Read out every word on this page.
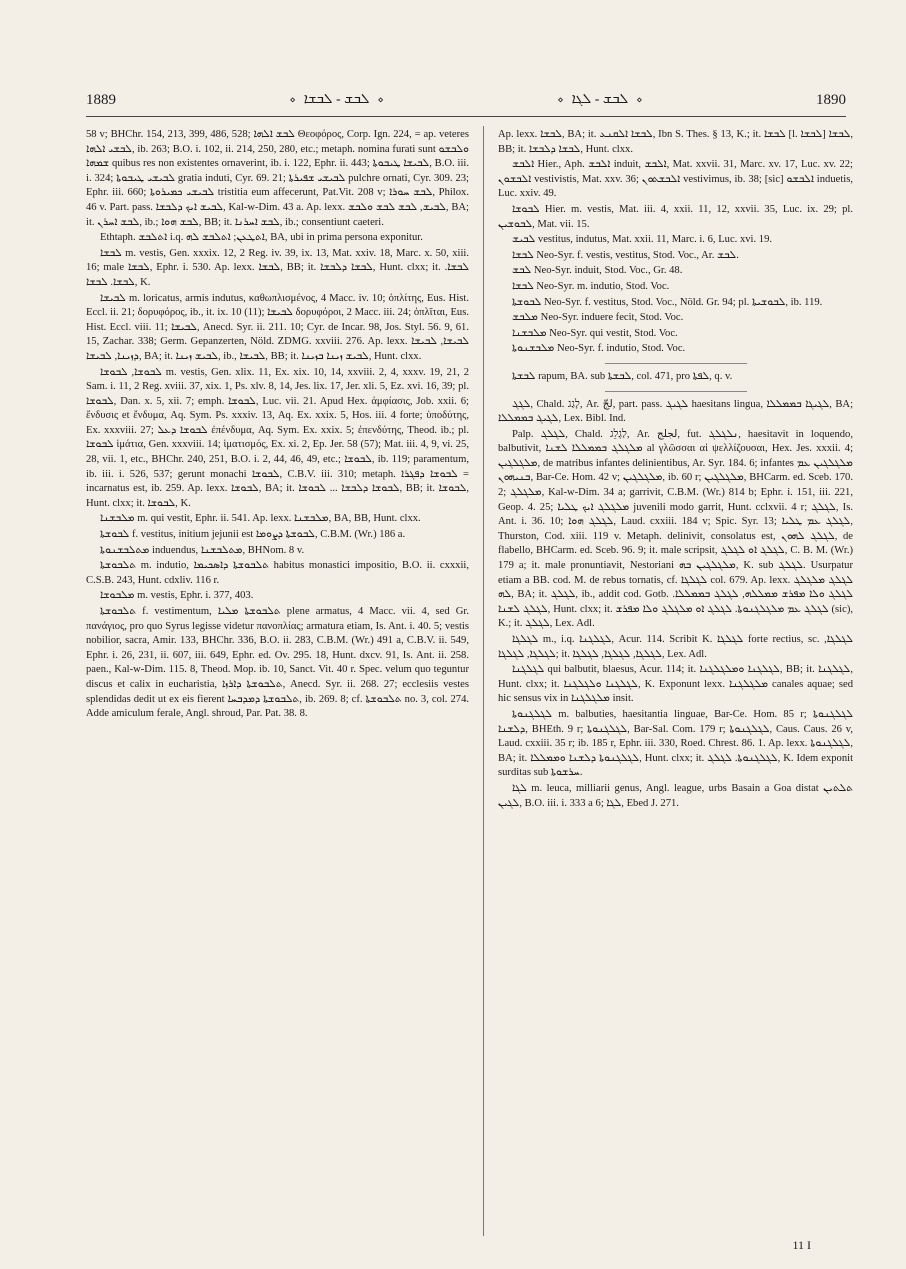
1889	⋄ ܠܒܫ - ܠܒܫܐ ⋄	⋄ ܠܒܫ - ܠܓܐ ⋄	1890

58 v; BHChr. 154, 213, 399, 486, 528; ܠܒܫ ܐܠܗܐ Θεοφόρος, Corp. Ign. 224, = ap. veteres ܠܒܫܝ ܐܠܗܐ, ib. 263; B.O. i. 102, ii. 214, 250, 280, etc.; metaph. nomina furati sunt ܘܠܒܫܘ ܫܡܗܐ quibus res non existentes ornaverint, ib. i. 122, Ephr. ii. 443; ܠܒܝܫܐ ܛܝܒܘܬܐ, B.O. iii. i. 324; ܠܒܝܫܝ ܛܝܒܘܬܐ gratia induti, Cyr. 69. 21; ܠܒܝܫܝ ܫܦܝܪܬܐ pulchre ornati, Cyr. 309. 23; Ephr. iii. 660; ܠܒܝܫܝ ܟܡܝܪܘܬܐ tristitia eum affecerunt, Pat.Vit. 208 v; ܠܒܫ ܚܘܪܐ, Philox. 46 v. Part. pass. ܠܒܝܫ ܐܝܟ ܕܠܒܫܐ, Kal-w-Dim. 43 a. Ap. lexx. ܠܒܝܫ, ܠܒܫ ܠܒܫ ܘܠܒܫ, BA; it. ܠܒܫ ܐܚܪܢ, ib.; ܠܒܫ ܗܘܐ, BB; it. ܠܒܫ ܐܚܪܢܐ, ib.; consentiunt caeteri.

Ethtaph. ܐܬܠܒܫ i.q. ܐܬܛܥܢ; ܐܬܠܒܫ ܠܗ, BA, ubi in prima persona exponitur.

ܠܒܫܐ m. vestis, Gen. xxxix. 12, 2 Reg. iv. 39, ix. 13, Mat. xxiv. 18, Marc. x. 50, xiii. 16; male ܠܒܫܐ, Ephr. i. 530. Ap. lexx. ܠܒܫܐ, BB; it. ܠܒܫܐ ܕܠܒܫܐ, Hunt. clxx; it. ܠܒܫܐ. ܠܒܫܐ. ܠܒܫܐ, K.

ܠܒܝܫܐ m. loricatus, armis indutus, καθωπλισμένος, 4 Macc. iv. 10; ὁπλίτης, Eus. Hist. Eccl. ii. 21; δορυφόρος, ib., it. ix. 10 (11); ܠܒܝܫܐ δορυφόροι, 2 Macc. iii. 24; ὁπλῖται, Eus. Hist. Eccl. viii. 11; ܠܒܝܫܐ, Anecd. Syr. ii. 211. 10; Cyr. de Incar. 98, Jos. Styl. 56. 9, 61. 15, Zachar. 338; Germ. Gepanzerten, Nöld. ZDMG. xxviii. 276. Ap. lexx. ܠܒܝܫܐ, ܠܒܝܫܐ ܕܙܝܢܐ, ܠܒܝܫܐ, BA; it. ܠܒܝܫ ܙܝܢܐ, ib., ܠܒܝܫܐ, BB; it. ܠܒܝܫ ܙܝܢܐ ܒܙܝܢܐ, Hunt. clxx.

ܠܒܘܫܐ, ܠܒܘܫܐ m. vestis, Gen. xlix. 11, Ex. xix. 10, 14, xxviii. 2, 4, xxxv. 19, 21, 2 Sam. i. 11, 2 Reg. xviii. 37, xix. 1, Ps. xlv. 8, 14, Jes. lix. 17, Jer. xli. 5, Ez. xvi. 16, 39; pl. ܠܒܘܫܐ, Dan. x. 5, xii. 7; emph. ܠܒܘܫܐ, Luc. vii. 21. Apud Hex. ἀμφίασις, Job. xxii. 6; ἔνδυσις et ἔνδυμα, Aq. Sym. Ps. xxxiv. 13, Aq. Ex. xxix. 5, Hos. iii. 4 forte; ὑποδύτης, Ex. xxxviii. 27; ܠܒܘܫܐ ܕܥܠ ἐπένδυμα, Aq. Sym. Ex. xxix. 5; ἐπενδύτης, Theod. ib.; pl. ܠܒܘܫܐ ἱμάτια, Gen. xxxviii. 14; ἱματισμός, Ex. xi. 2, Ep. Jer. 58 (57); Mat. iii. 4, 9, vi. 25, 28, vii. 1, etc., BHChr. 240, 251, B.O. i. 2, 44, 46, 49, etc.; ܠܒܘܫܐ, ib. 119; paramentum, ib. iii. i. 526, 537; gerunt monachi ܠܒܘܫܐ, C.B.V. iii. 310; metaph. ܠܒܘܫܐ ܕܦܓܪܐ = incarnatus est, ib. 259. Ap. lexx. ܠܒܘܫܐ, BA; it. ܠܒܘܫܐ ܕܠܒܫܐ ... ܠܒܘܫܐ, BB; it. ܠܒܘܫܐ, Hunt. clxx; it. ܠܒܘܫܐ, K.

ܡܠܒܫܢܐ m. qui vestit, Ephr. ii. 541. Ap. lexx. ܡܠܒܫܢܐ, BA, BB, Hunt. clxx.

ܠܒܘܫܬܐ f. vestitus, initium jejunii est ܠܒܘܫܬܐ ܕܨܘܡܐ, C.B.M. (Wr.) 186 a.

ܡܬܠܒܫܢܘܬܐ induendus, ܡܬܠܒܫܢܐ, BHNom. 8 v.

ܬܠܒܘܫܬܐ m. indutio, ܬܠܒܘܫܬܐ ܕܐܣܟܝܡܐ habitus monastici impositio, B.O. ii. cxxxii, C.S.B. 243, Hunt. cdxliv. 116 r.

ܡܠܒܘܫܐ m. vestis, Ephr. i. 377, 403.

ܬܠܒܘܫܬܐ f. vestimentum, ܬܠܒܘܫܬܐ ܡܠܝܐ plene armatus, 4 Macc. vii. 4, sed Gr. πανάγιος, pro quo Syrus legisse videtur πανοπλίας; armatura etiam, Is. Ant. i. 40. 5; vestis nobilior, sacra, Amir. 133, BHChr. 336, B.O. ii. 283, C.B.M. (Wr.) 491 a, C.B.V. ii. 549, Ephr. i. 26, 231, ii. 607, iii. 649, Ephr. ed. Ov. 295. 18, Hunt. dxcv. 91, Is. Ant. ii. 258. paen., Kal-w-Dim. 115. 8, Theod. Mop. ib. 10, Sanct. Vit. 40 r. Spec. velum quo teguntur discus et calix in eucharistia, ܬܠܒܘܫܬܐ ܕܐܪܙܐ, Anecd. Syr. ii. 268. 27; ecclesiis vestes splendidas dedit ut ex eis fierent ܬܠܒܘܫܬܐ ܕܡܕܒܚܐ, ib. 269. 8; cf. ܬܠܒܘܫܬܐ no. 3, col. 274. Adde amiculum ferale, Angl. shroud, Par. Pat. 38. 8.

Ap. lexx. ܠܒܫܐ, BA; it. ܠܒܫܐ ܐܠܩܢܥ, Ibn S. Thes. § 13, K.; it. ܠܒܫܐ [l. ܠܒܫܐ] ܠܒܫܐ, BB; it. ܠܒܫܐ ܕܠܒܫܐ, Hunt. clxx.

ܐܠܒܫ Hier., Aph. ܐܠܒܫ induit, ܐܠܒܫ, Mat. xxvii. 31, Marc. xv. 17, Luc. xv. 22; ܐܠܒܫܘܢ vestivistis, Mat. xxv. 36; ܐܠܒܫܬܘܢ vestivimus, ib. 38; [sic] ܐܠܒܫܘ induetis, Luc. xxiv. 49.

ܠܒܘܫܐ Hier. m. vestis, Mat. iii. 4, xxii. 11, 12, xxvii. 35, Luc. ix. 29; pl. ܠܒܘܫܝܢ, Mat. vii. 15.

ܠܒܝܫ vestitus, indutus, Mat. xxii. 11, Marc. i. 6, Luc. xvi. 19.

ܠܒܫܐ Neo-Syr. f. vestis, vestitus, Stod. Voc., Ar. ܠܒܫ.

ܠܒܫ Neo-Syr. induit, Stod. Voc., Gr. 48.

ܠܒܫܐ Neo-Syr. m. indutio, Stod. Voc.

ܠܒܘܫܬܐ Neo-Syr. f. vestitus, Stod. Voc., Nöld. Gr. 94; pl. ܠܒܘܫܝܬܐ, ib. 119.

ܡܠܒܫ Neo-Syr. induere fecit, Stod. Voc.

ܡܠܒܫܢܐ Neo-Syr. qui vestit, Stod. Voc.

ܡܠܒܫܢܘܬܐ Neo-Syr. f. indutio, Stod. Voc.

ܠܒܫܬܐ rapum, BA. sub ܠܒܫܬܐ, col. 471, pro ܠܦܬܐ, q. v.

ܠܓܓ, Chald. לָגַג, Ar. لجّ, part. pass. ܠܓܝܓ haesitans lingua, ܠܓܝܓܐ ܒܡܡܠܠܐ, BA; ܠܓܝܓ ܒܡܡܠܠܐ, Lex. Bibl. Ind.

Palp. ܠܓܠܓ, Chald. לַגְלֵג, Ar. لجلج, fut. ܢܠܓܠܓ, haesitavit in loquendo, balbutivit, ܡܠܓܠܓ ܒܡܡܠܠܐ ܠܫܢܐ al γλῶσσαι αἱ ψελλίζουσαι, Hex. Jes. xxxii. 4; ܡܠܓܠܓܝܢ, de matribus infantes delinientibus, Ar. Syr. 184. 6; infantes ܡܠܓܠܓܝܢ ܥܡ ܒܢܝܗܘܢ, Bar-Ce. Hom. 42 v; ܡܠܓܠܓܝܢ, ib. 60 r; ܡܠܓܠܓܝܢ, BHCarm. ed. Sceb. 170. 2; ܡܠܓܠܓ, Kal-w-Dim. 34 a; garrivit, C.B.M. (Wr.) 814 b; Ephr. i. 151, iii. 221, Geop. 4. 25; ܡܠܓܠܓ ܐܝܟ ܛܠܝܐ juvenili modo garrit, Hunt. cclxvii. 4 r; ܠܓܠܓ, Is. Ant. i. 36. 10; ܠܓܠܓ ܗܘܐ, Laud. cxxiii. 184 v; Spic. Syr. 13; ܠܓܠܓ ܥܡ ܛܠܝܐ, Thurston, Cod. xiii. 119 v. Metaph. delinivit, consolatus est, ܠܓܠܓ ܠܗܘܢ, de flabello, BHCarm. ed. Sceb. 96. 9; it. male scripsit, ܠܓܠܓ ܐܘ ܠܓܠܓ, C. B. M. (Wr.) 179 a; it. male pronuntiavit, Nestoriani ܡܠܓܠܓܝܢ ܒܗ, K. sub ܠܓܠܓ. Usurpatur etiam a BB. cod. M. de rebus tornatis, cf. ܠܓܠܓܐ col. 679. Ap. lexx. ܠܓܠܓ ܡܠܓܠܓ ܠܗ, BA; it. ܠܓܠܓ, ib., addit cod. Gotb. ܠܓܠܓ ܘܠܐ ܡܦܪܫ ܡܡܠܠܗ, ܠܓܠܓ ܒܡܡܠܠܐ. ܠܓܠܓ ܠܫܢܐ, Hunt. clxx; it. ܠܓܠܓ ܥܡ ܡܠܓܠܓܢܘܬܐ. ܠܓܠܓ ܐܘ ܡܠܓܠܓ ܘܠܐ ܡܦܪܫ (sic), K.; it. ܠܓܠܓ, Lex. Adl.

ܠܓܠܓܐ m., i.q. ܠܓܠܓܢܐ, Acur. 114. Scribit K. ܠܓܠܓܐ forte rectius, sc. ܠܓܠܓܐ, ܠܓܠܓܐ, ܠܓܠܓܐ; it. ܠܓܠܓܐ, ܠܓܠܓܐ, ܠܓܠܓܐ, Lex. Adl.

ܠܓܠܓܢܐ qui balbutit, blaesus, Acur. 114; it. ܠܓܠܓܢܐ ܘܡܠܓܠܓܢܐ, BB; it. ܠܓܠܓܢܐ, Hunt. clxx; it. ܠܓܠܓܢܐ ܘܠܓܠܓܢܐ, K. Exponunt lexx. ܡܠܓܠܓܢܐ canales aquae; sed hic sensus vix in ܡܠܓܠܓܢܐ insit.

ܠܓܠܓܢܘܬܐ m. balbuties, haesitantia linguae, Bar-Ce. Hom. 85 r; ܠܓܠܓܢܘܬܐ ܕܠܫܢܐ, BHEth. 9 r; ܠܓܠܓܢܘܬܐ, Bar-Sal. Com. 179 r; ܠܓܠܓܢܘܬܐ, Caus. Caus. 26 v, Laud. cxxiii. 35 r; ib. 185 r, Ephr. iii. 330, Roed. Chrest. 86. 1. Ap. lexx. ܠܓܠܓܢܘܬܐ, BA; it. ܠܓܠܓܢܘܬܐ ܕܠܫܢܐ ܘܡܡܠܠܐ, Hunt. clxx; it. ܠܓܠܓܢܘܬܐ. ܠܓܠܓ, K. Idem exponit surditas sub ܚܪܫܘܬܐ.

ܠܓܐ m. leuca, milliarii genus, Angl. league, urbs Basain a Goa distat ܬܠܬܝܢ ܠܓܝܢ, B.O. iii. i. 333 a 6; ܠܓܐ, Ebed J. 271.

11 I
